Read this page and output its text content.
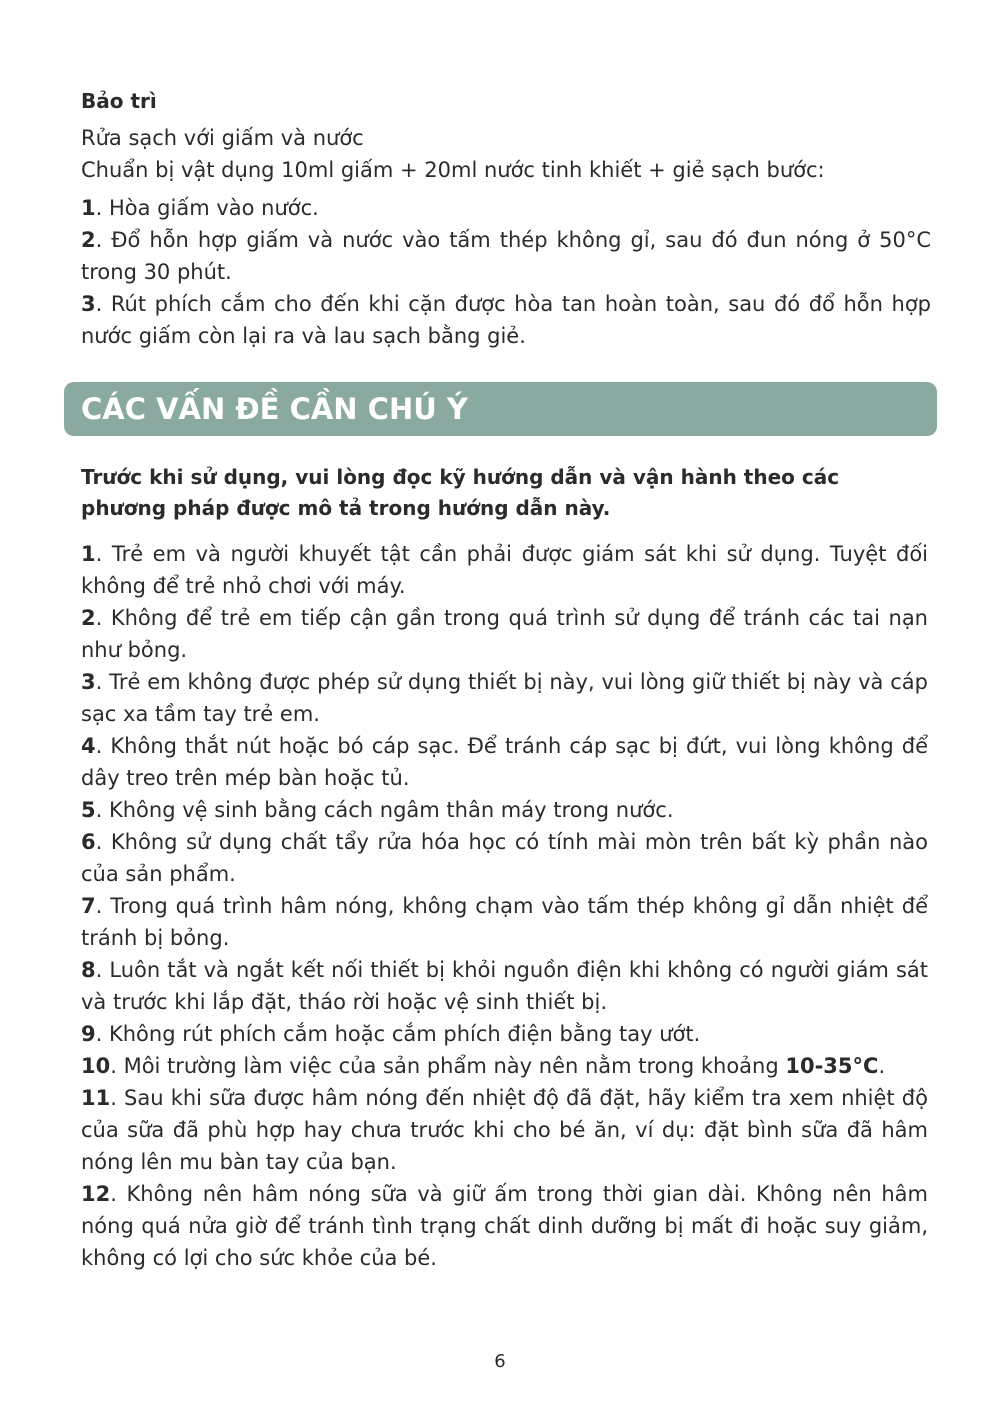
Bảo trì

Rửa sạch với giấm và nước

Chuẩn bị vật dụng 10ml giấm + 20ml nước tinh khiết + giẻ sạch bước:

1. Hòa giấm vào nước.

2. Đổ hỗn hợp giấm và nước vào tấm thép không gỉ, sau đó đun nóng ở 50°C trong 30 phút.

3. Rút phích cắm cho đến khi cặn được hòa tan hoàn toàn, sau đó đổ hỗn hợp nước giấm còn lại ra và lau sạch bằng giẻ.

CÁC VẤN ĐỀ CẦN CHÚ Ý

Trước khi sử dụng, vui lòng đọc kỹ hướng dẫn và vận hành theo các phương pháp được mô tả trong hướng dẫn này.

1. Trẻ em và người khuyết tật cần phải được giám sát khi sử dụng. Tuyệt đối không để trẻ nhỏ chơi với máy.

2. Không để trẻ em tiếp cận gần trong quá trình sử dụng để tránh các tai nạn như bỏng.

3. Trẻ em không được phép sử dụng thiết bị này, vui lòng giữ thiết bị này và cáp sạc xa tầm tay trẻ em.

4. Không thắt nút hoặc bó cáp sạc. Để tránh cáp sạc bị đứt, vui lòng không để dây treo trên mép bàn hoặc tủ.

5. Không vệ sinh bằng cách ngâm thân máy trong nước.

6. Không sử dụng chất tẩy rửa hóa học có tính mài mòn trên bất kỳ phần nào của sản phẩm.

7. Trong quá trình hâm nóng, không chạm vào tấm thép không gỉ dẫn nhiệt để tránh bị bỏng.

8. Luôn tắt và ngắt kết nối thiết bị khỏi nguồn điện khi không có người giám sát và trước khi lắp đặt, tháo rời hoặc vệ sinh thiết bị.

9. Không rút phích cắm hoặc cắm phích điện bằng tay ướt.

10. Môi trường làm việc của sản phẩm này nên nằm trong khoảng 10-35°C.

11. Sau khi sữa được hâm nóng đến nhiệt độ đã đặt, hãy kiểm tra xem nhiệt độ của sữa đã phù hợp hay chưa trước khi cho bé ăn, ví dụ: đặt bình sữa đã hâm nóng lên mu bàn tay của bạn.

12. Không nên hâm nóng sữa và giữ ấm trong thời gian dài. Không nên hâm nóng quá nửa giờ để tránh tình trạng chất dinh dưỡng bị mất đi hoặc suy giảm, không có lợi cho sức khỏe của bé.

6
